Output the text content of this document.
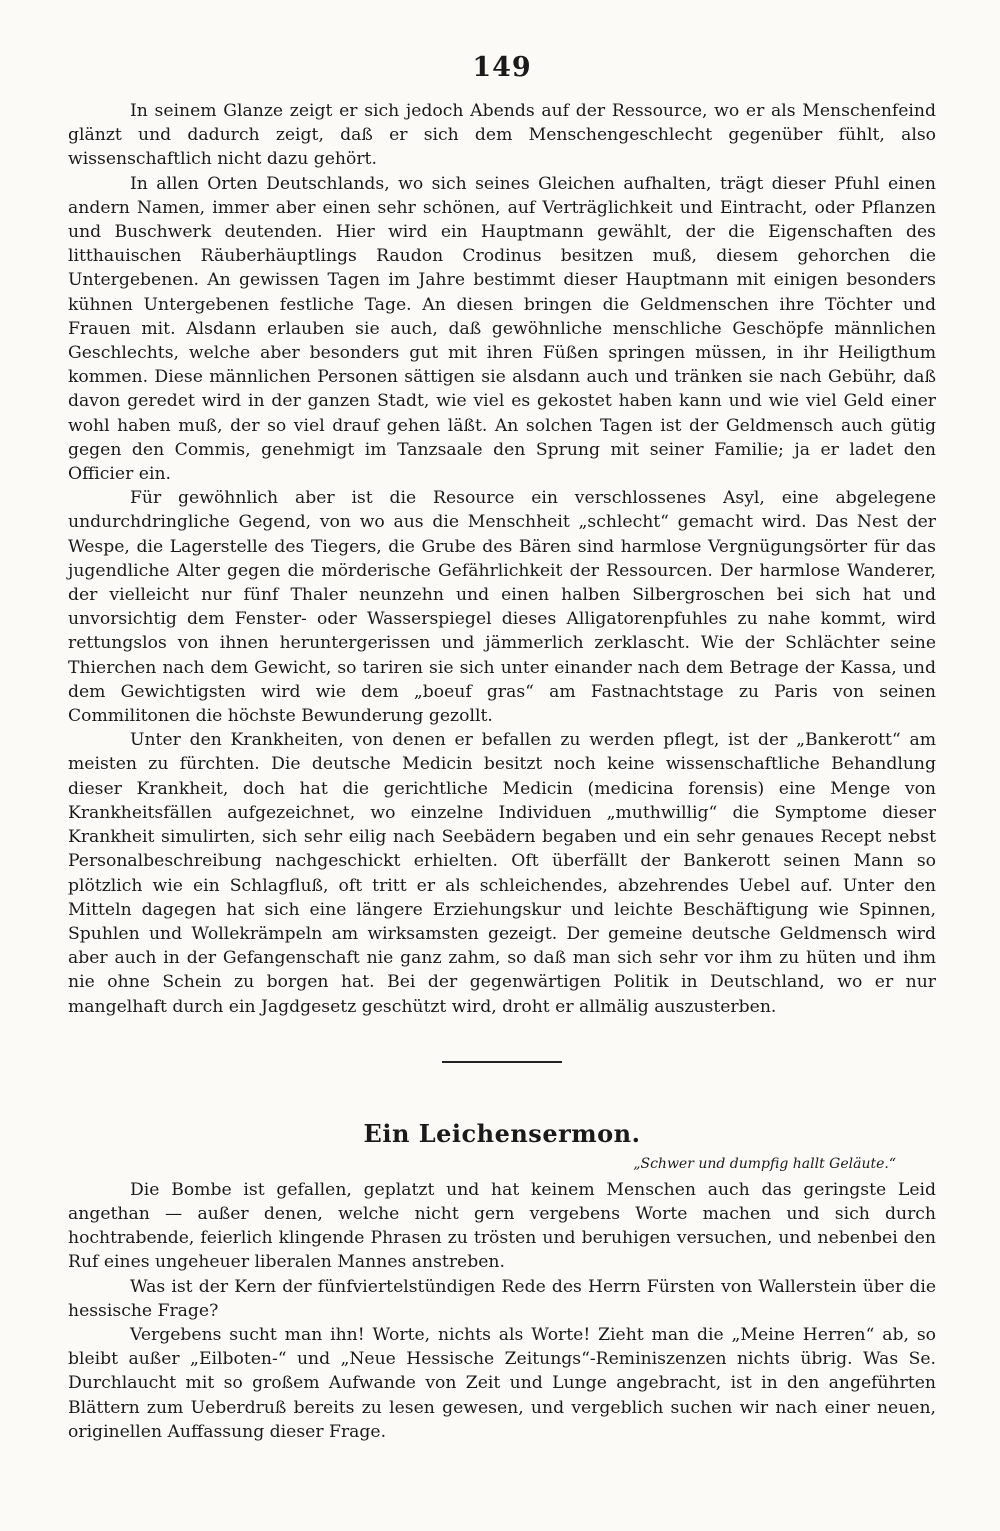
149

In seinem Glanze zeigt er sich jedoch Abends auf der Ressource, wo er als Menschenfeind glänzt und dadurch zeigt, daß er sich dem Menschengeschlecht gegenüber fühlt, also wissenschaftlich nicht dazu gehört.

In allen Orten Deutschlands, wo sich seines Gleichen aufhalten, trägt dieser Pfuhl einen andern Namen, immer aber einen sehr schönen, auf Verträglichkeit und Eintracht, oder Pflanzen und Buschwerk deutenden. Hier wird ein Hauptmann gewählt, der die Eigenschaften des litthauischen Räuberhäuptlings Raudon Crodinus besitzen muß, diesem gehorchen die Untergebenen. An gewissen Tagen im Jahre bestimmt dieser Hauptmann mit einigen besonders kühnen Untergebenen festliche Tage. An diesen bringen die Geldmenschen ihre Töchter und Frauen mit. Alsdann erlauben sie auch, daß gewöhnliche menschliche Geschöpfe männlichen Geschlechts, welche aber besonders gut mit ihren Füßen springen müssen, in ihr Heiligthum kommen. Diese männlichen Personen sättigen sie alsdann auch und tränken sie nach Gebühr, daß davon geredet wird in der ganzen Stadt, wie viel es gekostet haben kann und wie viel Geld einer wohl haben muß, der so viel drauf gehen läßt. An solchen Tagen ist der Geldmensch auch gütig gegen den Commis, genehmigt im Tanzsaale den Sprung mit seiner Familie; ja er ladet den Officier ein.

Für gewöhnlich aber ist die Resource ein verschlossenes Asyl, eine abgelegene undurchdringliche Gegend, von wo aus die Menschheit „schlecht“ gemacht wird. Das Nest der Wespe, die Lagerstelle des Tiegers, die Grube des Bären sind harmlose Vergnügungsörter für das jugendliche Alter gegen die mörderische Gefährlichkeit der Ressourcen. Der harmlose Wanderer, der vielleicht nur fünf Thaler neunzehn und einen halben Silbergroschen bei sich hat und unvorsichtig dem Fenster- oder Wasserspiegel dieses Alligatorenpfuhles zu nahe kommt, wird rettungslos von ihnen heruntergerissen und jämmerlich zerklascht. Wie der Schlächter seine Thierchen nach dem Gewicht, so tariren sie sich unter einander nach dem Betrage der Kassa, und dem Gewichtigsten wird wie dem „boeuf gras“ am Fastnachtstage zu Paris von seinen Commilitonen die höchste Bewunderung gezollt.

Unter den Krankheiten, von denen er befallen zu werden pflegt, ist der „Bankerott“ am meisten zu fürchten. Die deutsche Medicin besitzt noch keine wissenschaftliche Behandlung dieser Krankheit, doch hat die gerichtliche Medicin (medicina forensis) eine Menge von Krankheitsfällen aufgezeichnet, wo einzelne Individuen „muthwillig“ die Symptome dieser Krankheit simulirten, sich sehr eilig nach Seebädern begaben und ein sehr genaues Recept nebst Personalbeschreibung nachgeschickt erhielten. Oft überfällt der Bankerott seinen Mann so plötzlich wie ein Schlagfluß, oft tritt er als schleichendes, abzehrendes Uebel auf. Unter den Mitteln dagegen hat sich eine längere Erziehungskur und leichte Beschäftigung wie Spinnen, Spuhlen und Wollekrämpeln am wirksamsten gezeigt. Der gemeine deutsche Geldmensch wird aber auch in der Gefangenschaft nie ganz zahm, so daß man sich sehr vor ihm zu hüten und ihm nie ohne Schein zu borgen hat. Bei der gegenwärtigen Politik in Deutschland, wo er nur mangelhaft durch ein Jagdgesetz geschützt wird, droht er allmälig auszusterben.

Ein Leichensermon.
„Schwer und dumpfig hallt Geläute.“

Die Bombe ist gefallen, geplatzt und hat keinem Menschen auch das geringste Leid angethan — außer denen, welche nicht gern vergebens Worte machen und sich durch hochtrabende, feierlich klingende Phrasen zu trösten und beruhigen versuchen, und nebenbei den Ruf eines ungeheuer liberalen Mannes anstreben.

Was ist der Kern der fünfviertelstündigen Rede des Herrn Fürsten von Wallerstein über die hessische Frage?

Vergebens sucht man ihn! Worte, nichts als Worte! Zieht man die „Meine Herren“ ab, so bleibt außer „Eilboten-“ und „Neue Hessische Zeitungs“-Reminiszenzen nichts übrig. Was Se. Durchlaucht mit so großem Aufwande von Zeit und Lunge angebracht, ist in den angeführten Blättern zum Ueberdruß bereits zu lesen gewesen, und vergeblich suchen wir nach einer neuen, originellen Auffassung dieser Frage.
